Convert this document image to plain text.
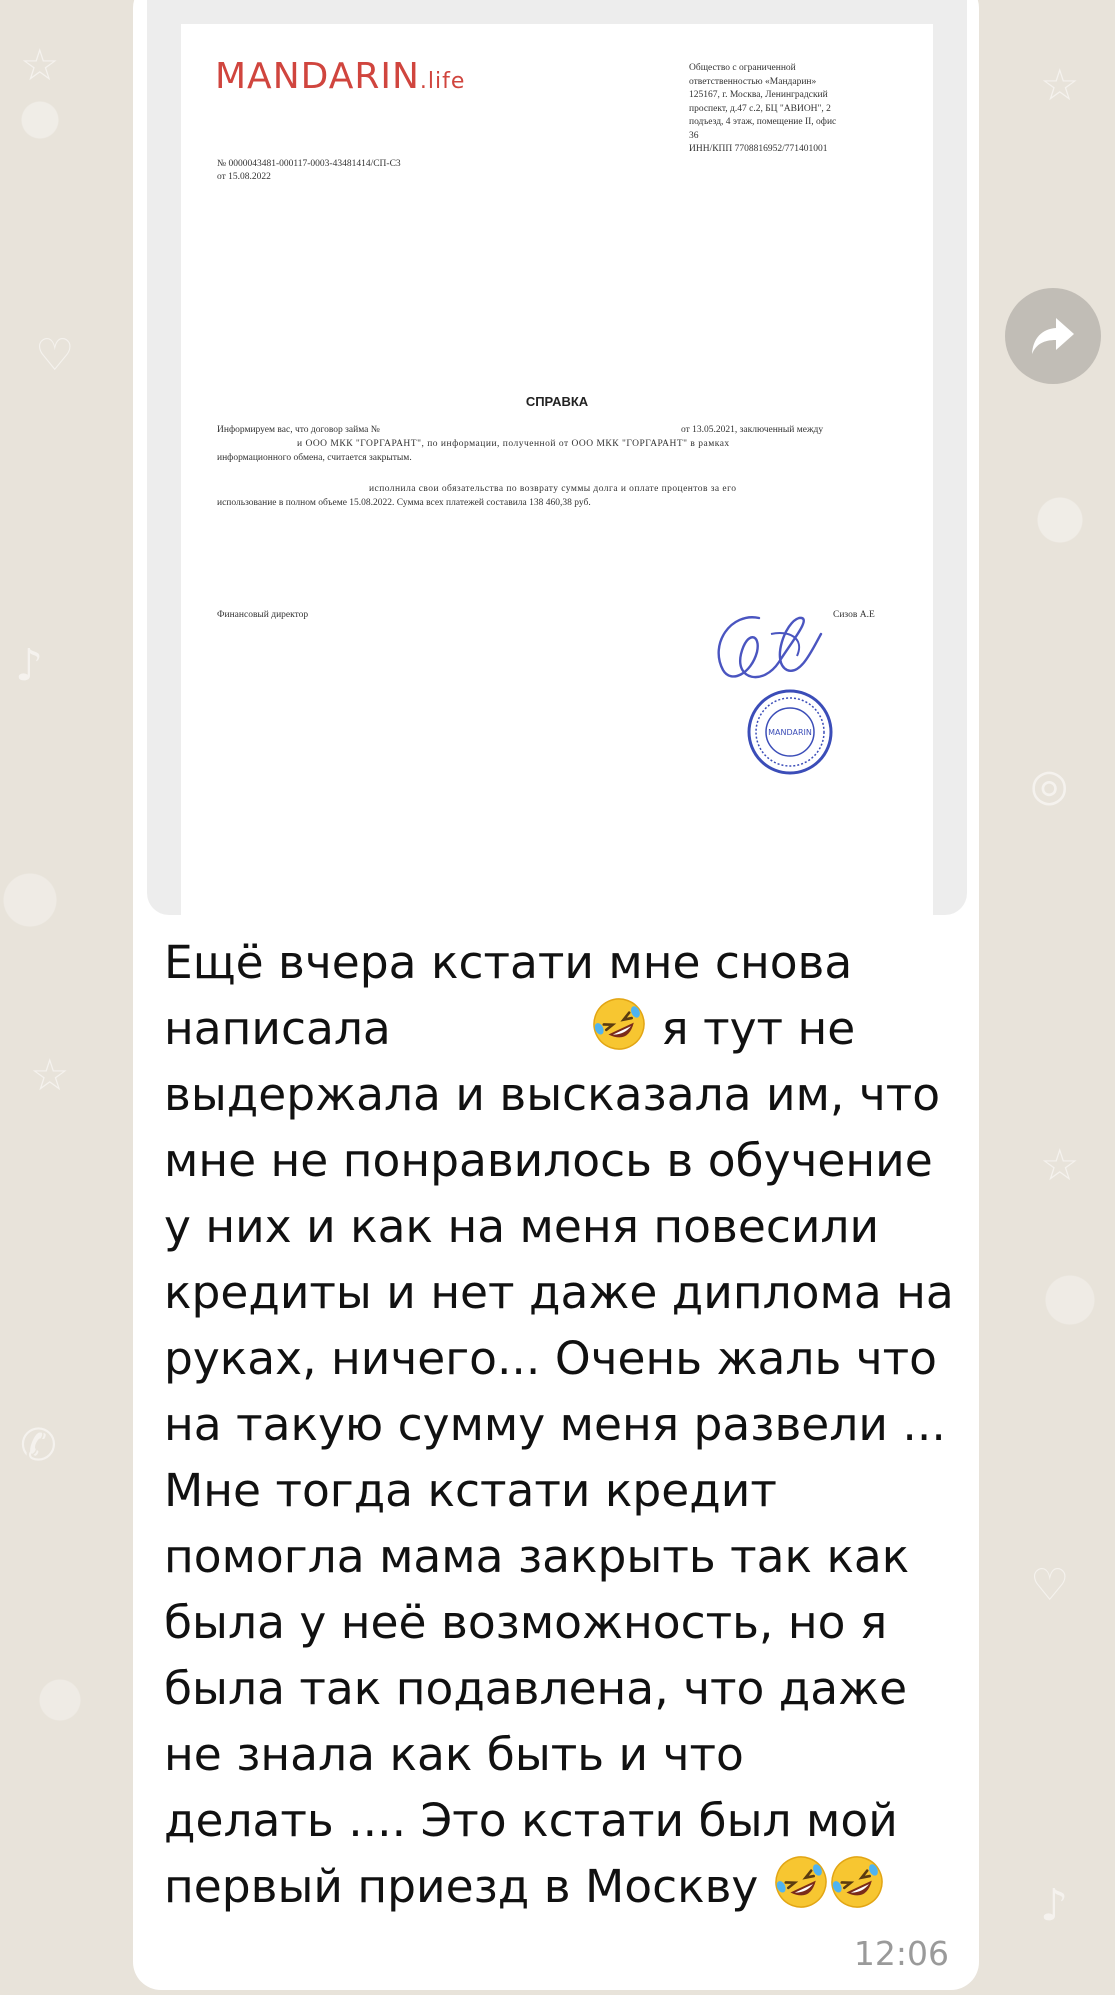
☆
♡
♪
☆
✆
☆
◎
☆
♡
♪
MANDARIN.life
Общество с ограниченной
ответственностью «Мандарин»
125167, г. Москва, Ленинградский
проспект, д.47 с.2, БЦ "АВИОН", 2
подъезд, 4 этаж, помещение II, офис
36
ИНН/КПП 7708816952/771401001
№ 0000043481-000117-0003-43481414/СП-С3
от 15.08.2022
СПРАВКА
Информируем вас, что договор займа №	от 13.05.2021, заключенный между
и ООО МКК "ГОРГАРАНТ", по информации, полученной от ООО МКК "ГОРГАРАНТ" в рамках
информационного обмена, считается закрытым.
исполнила свои обязательства по возврату суммы долга и оплате процентов за его
использование в полном объеме 15.08.2022. Сумма всех платежей составила 138 460,38 руб.
Финансовый директор	Сизов А.Е
MANDARIN

Ещё вчера кстати мне снова

написала	я тут не

выдержала и высказала им, что

мне не понравилось в обучение

у них и как на меня повесили

кредиты и нет даже диплома на

руках, ничего... Очень жаль что

на такую сумму меня развели ...

Мне тогда кстати кредит

помогла мама закрыть так как

была у неё возможность, но я

была так подавлена, что даже

не знала как быть и что

делать .... Это кстати был мой

первый приезд в Москву

12:06
